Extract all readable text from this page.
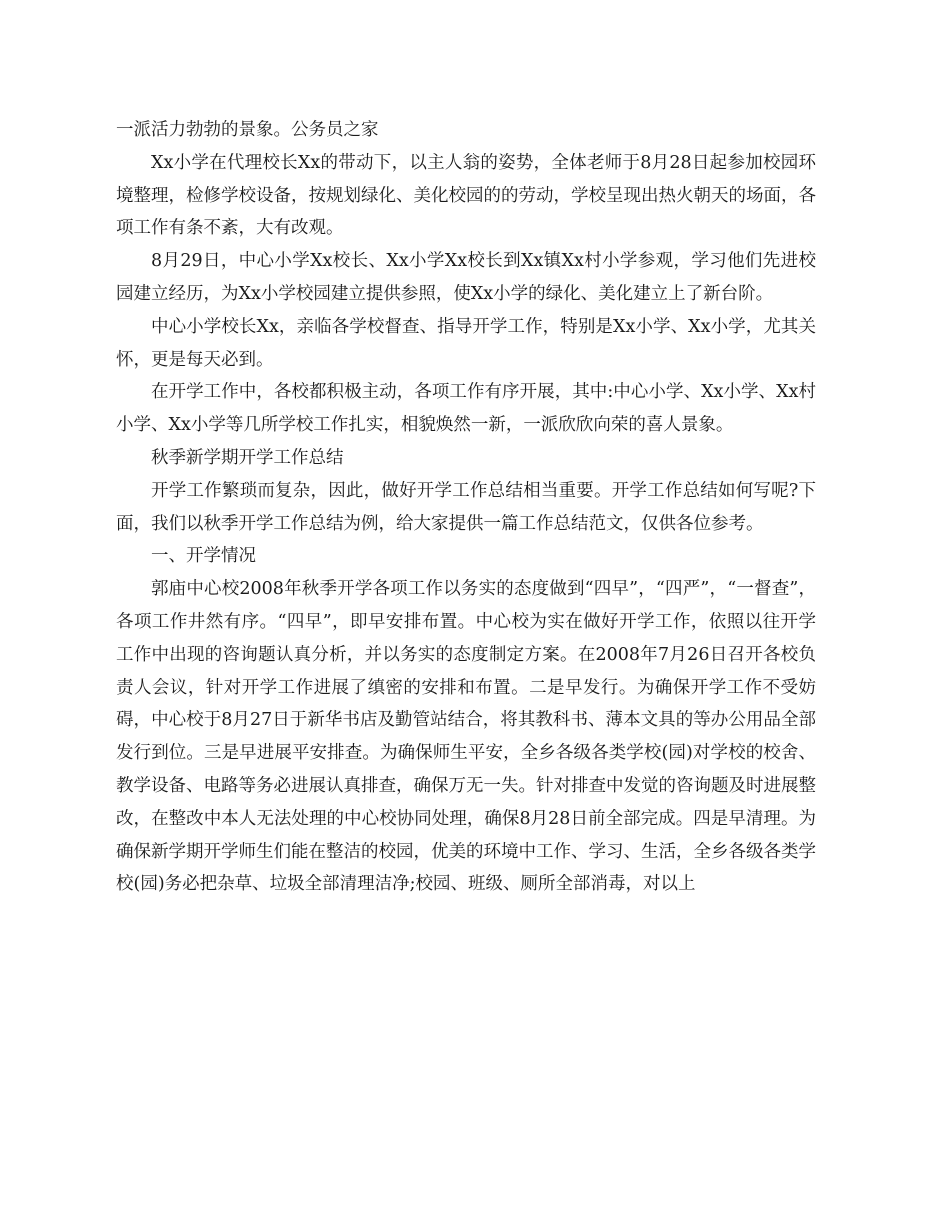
一派活力勃勃的景象。公务员之家

Xx小学在代理校长Xx的带动下，以主人翁的姿势，全体老师于8月28日起参加校园环境整理，检修学校设备，按规划绿化、美化校园的的劳动，学校呈现出热火朝天的场面，各项工作有条不紊，大有改观。

8月29日，中心小学Xx校长、Xx小学Xx校长到Xx镇Xx村小学参观，学习他们先进校园建立经历，为Xx小学校园建立提供参照，使Xx小学的绿化、美化建立上了新台阶。

中心小学校长Xx，亲临各学校督查、指导开学工作，特别是Xx小学、Xx小学，尤其关怀，更是每天必到。

在开学工作中，各校都积极主动，各项工作有序开展，其中:中心小学、Xx小学、Xx村小学、Xx小学等几所学校工作扎实，相貌焕然一新，一派欣欣向荣的喜人景象。

秋季新学期开学工作总结

开学工作繁琐而复杂，因此，做好开学工作总结相当重要。开学工作总结如何写呢?下面，我们以秋季开学工作总结为例，给大家提供一篇工作总结范文，仅供各位参考。

一、开学情况

郭庙中心校2008年秋季开学各项工作以务实的态度做到“四早”，“四严”，“一督查”，各项工作井然有序。“四早”，即早安排布置。中心校为实在做好开学工作，依照以往开学工作中出现的咨询题认真分析，并以务实的态度制定方案。在2008年7月26日召开各校负责人会议，针对开学工作进展了缜密的安排和布置。二是早发行。为确保开学工作不受妨碍，中心校于8月27日于新华书店及勤管站结合，将其教科书、薄本文具的等办公用品全部发行到位。三是早进展平安排查。为确保师生平安，全乡各级各类学校(园)对学校的校舍、教学设备、电路等务必进展认真排查，确保万无一失。针对排查中发觉的咨询题及时进展整改，在整改中本人无法处理的中心校协同处理，确保8月28日前全部完成。四是早清理。为确保新学期开学师生们能在整洁的校园，优美的环境中工作、学习、生活，全乡各级各类学校(园)务必把杂草、垃圾全部清理洁净;校园、班级、厕所全部消毒，对以上
